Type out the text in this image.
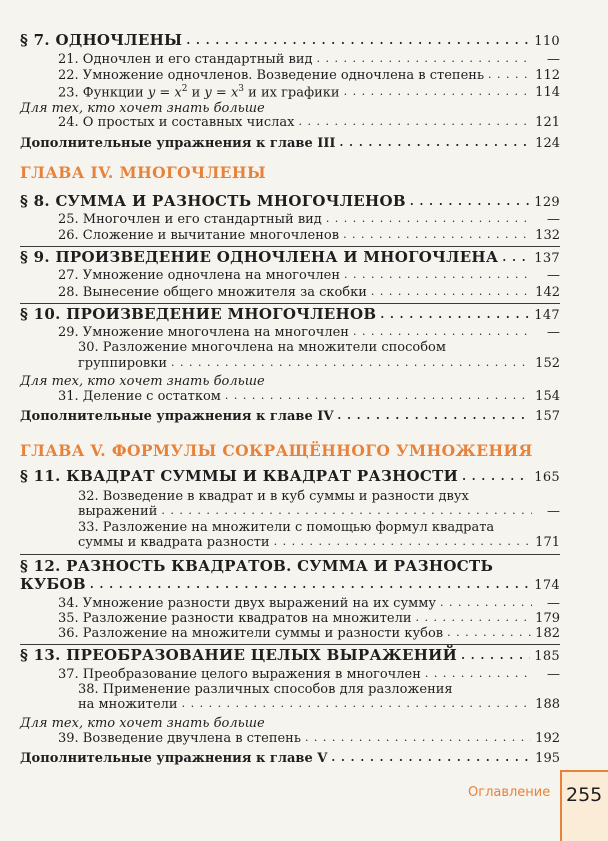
§ 7. ОДНОЧЛЕНЫ . . .	110
21. Одночлен и его стандартный вид . . .	—
22. Умножение одночленов. Возведение одночлена в степень . . .	112
23. Функции $y = x^2$ и $y = x^3$ и их графики . . .	114
Для тех, кто хочет знать больше
24. О простых и составных числах . . .	121
Дополнительные упражнения к главе III . . .	124
ГЛАВА IV. МНОГОЧЛЕНЫ
§ 8. СУММА И РАЗНОСТЬ МНОГОЧЛЕНОВ . . .	129
25. Многочлен и его стандартный вид . . .	—
26. Сложение и вычитание многочленов . . .	132
§ 9. ПРОИЗВЕДЕНИЕ ОДНОЧЛЕНА И МНОГОЧЛЕНА . . .	137
27. Умножение одночлена на многочлен . . .	—
28. Вынесение общего множителя за скобки . . .	142
§ 10. ПРОИЗВЕДЕНИЕ МНОГОЧЛЕНОВ . . .	147
29. Умножение многочлена на многочлен . . .	—
30. Разложение многочлена на множители способом
группировки . . .	152
Для тех, кто хочет знать больше
31. Деление с остатком . . .	154
Дополнительные упражнения к главе IV . . .	157
ГЛАВА V. ФОРМУЛЫ СОКРАЩЁННОГО УМНОЖЕНИЯ
§ 11. КВАДРАТ СУММЫ И КВАДРАТ РАЗНОСТИ . . .	165
32. Возведение в квадрат и в куб суммы и разности двух
выражений . . .	—
33. Разложение на множители с помощью формул квадрата
суммы и квадрата разности . . .	171
§ 12. РАЗНОСТЬ КВАДРАТОВ. СУММА И РАЗНОСТЬ
КУБОВ . . .	174
34. Умножение разности двух выражений на их сумму . . .	—
35. Разложение разности квадратов на множители . . .	179
36. Разложение на множители суммы и разности кубов . . .	182
§ 13. ПРЕОБРАЗОВАНИЕ ЦЕЛЫХ ВЫРАЖЕНИЙ . . .	185
37. Преобразование целого выражения в многочлен . . .	—
38. Применение различных способов для разложения
на множители . . .	188
Для тех, кто хочет знать больше
39. Возведение двучлена в степень . . .	192
Дополнительные упражнения к главе V . . .	195
Оглавление 255
